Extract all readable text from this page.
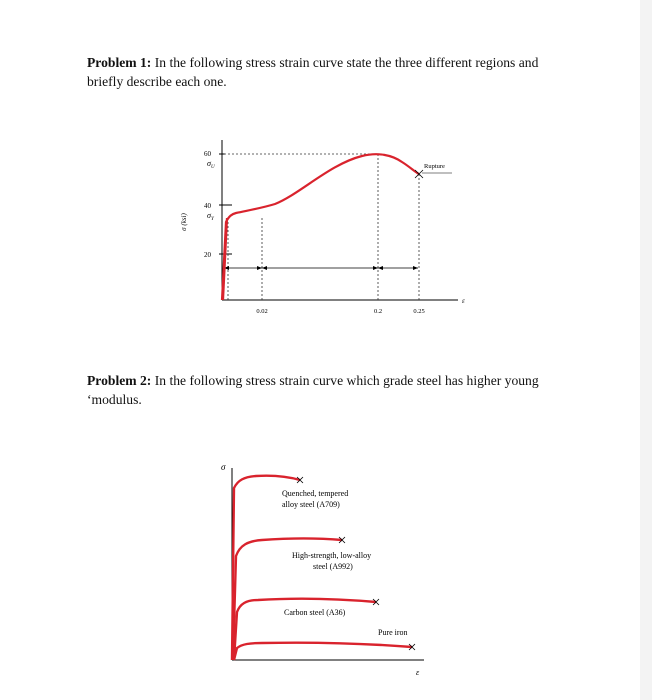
Problem 1: In the following stress strain curve state the three different regions and briefly describe each one.
60
40
20
$\sigma_U$
$\sigma_Y$
σ (ksi)
Rupture
0.02	0.2	0.25
ε
Problem 2: In the following stress strain curve which grade steel has higher young ‘modulus.
σ
ε
Quenched, tempered
alloy steel (A709)
High-strength, low-alloy
steel (A992)
Carbon steel (A36)
Pure iron
